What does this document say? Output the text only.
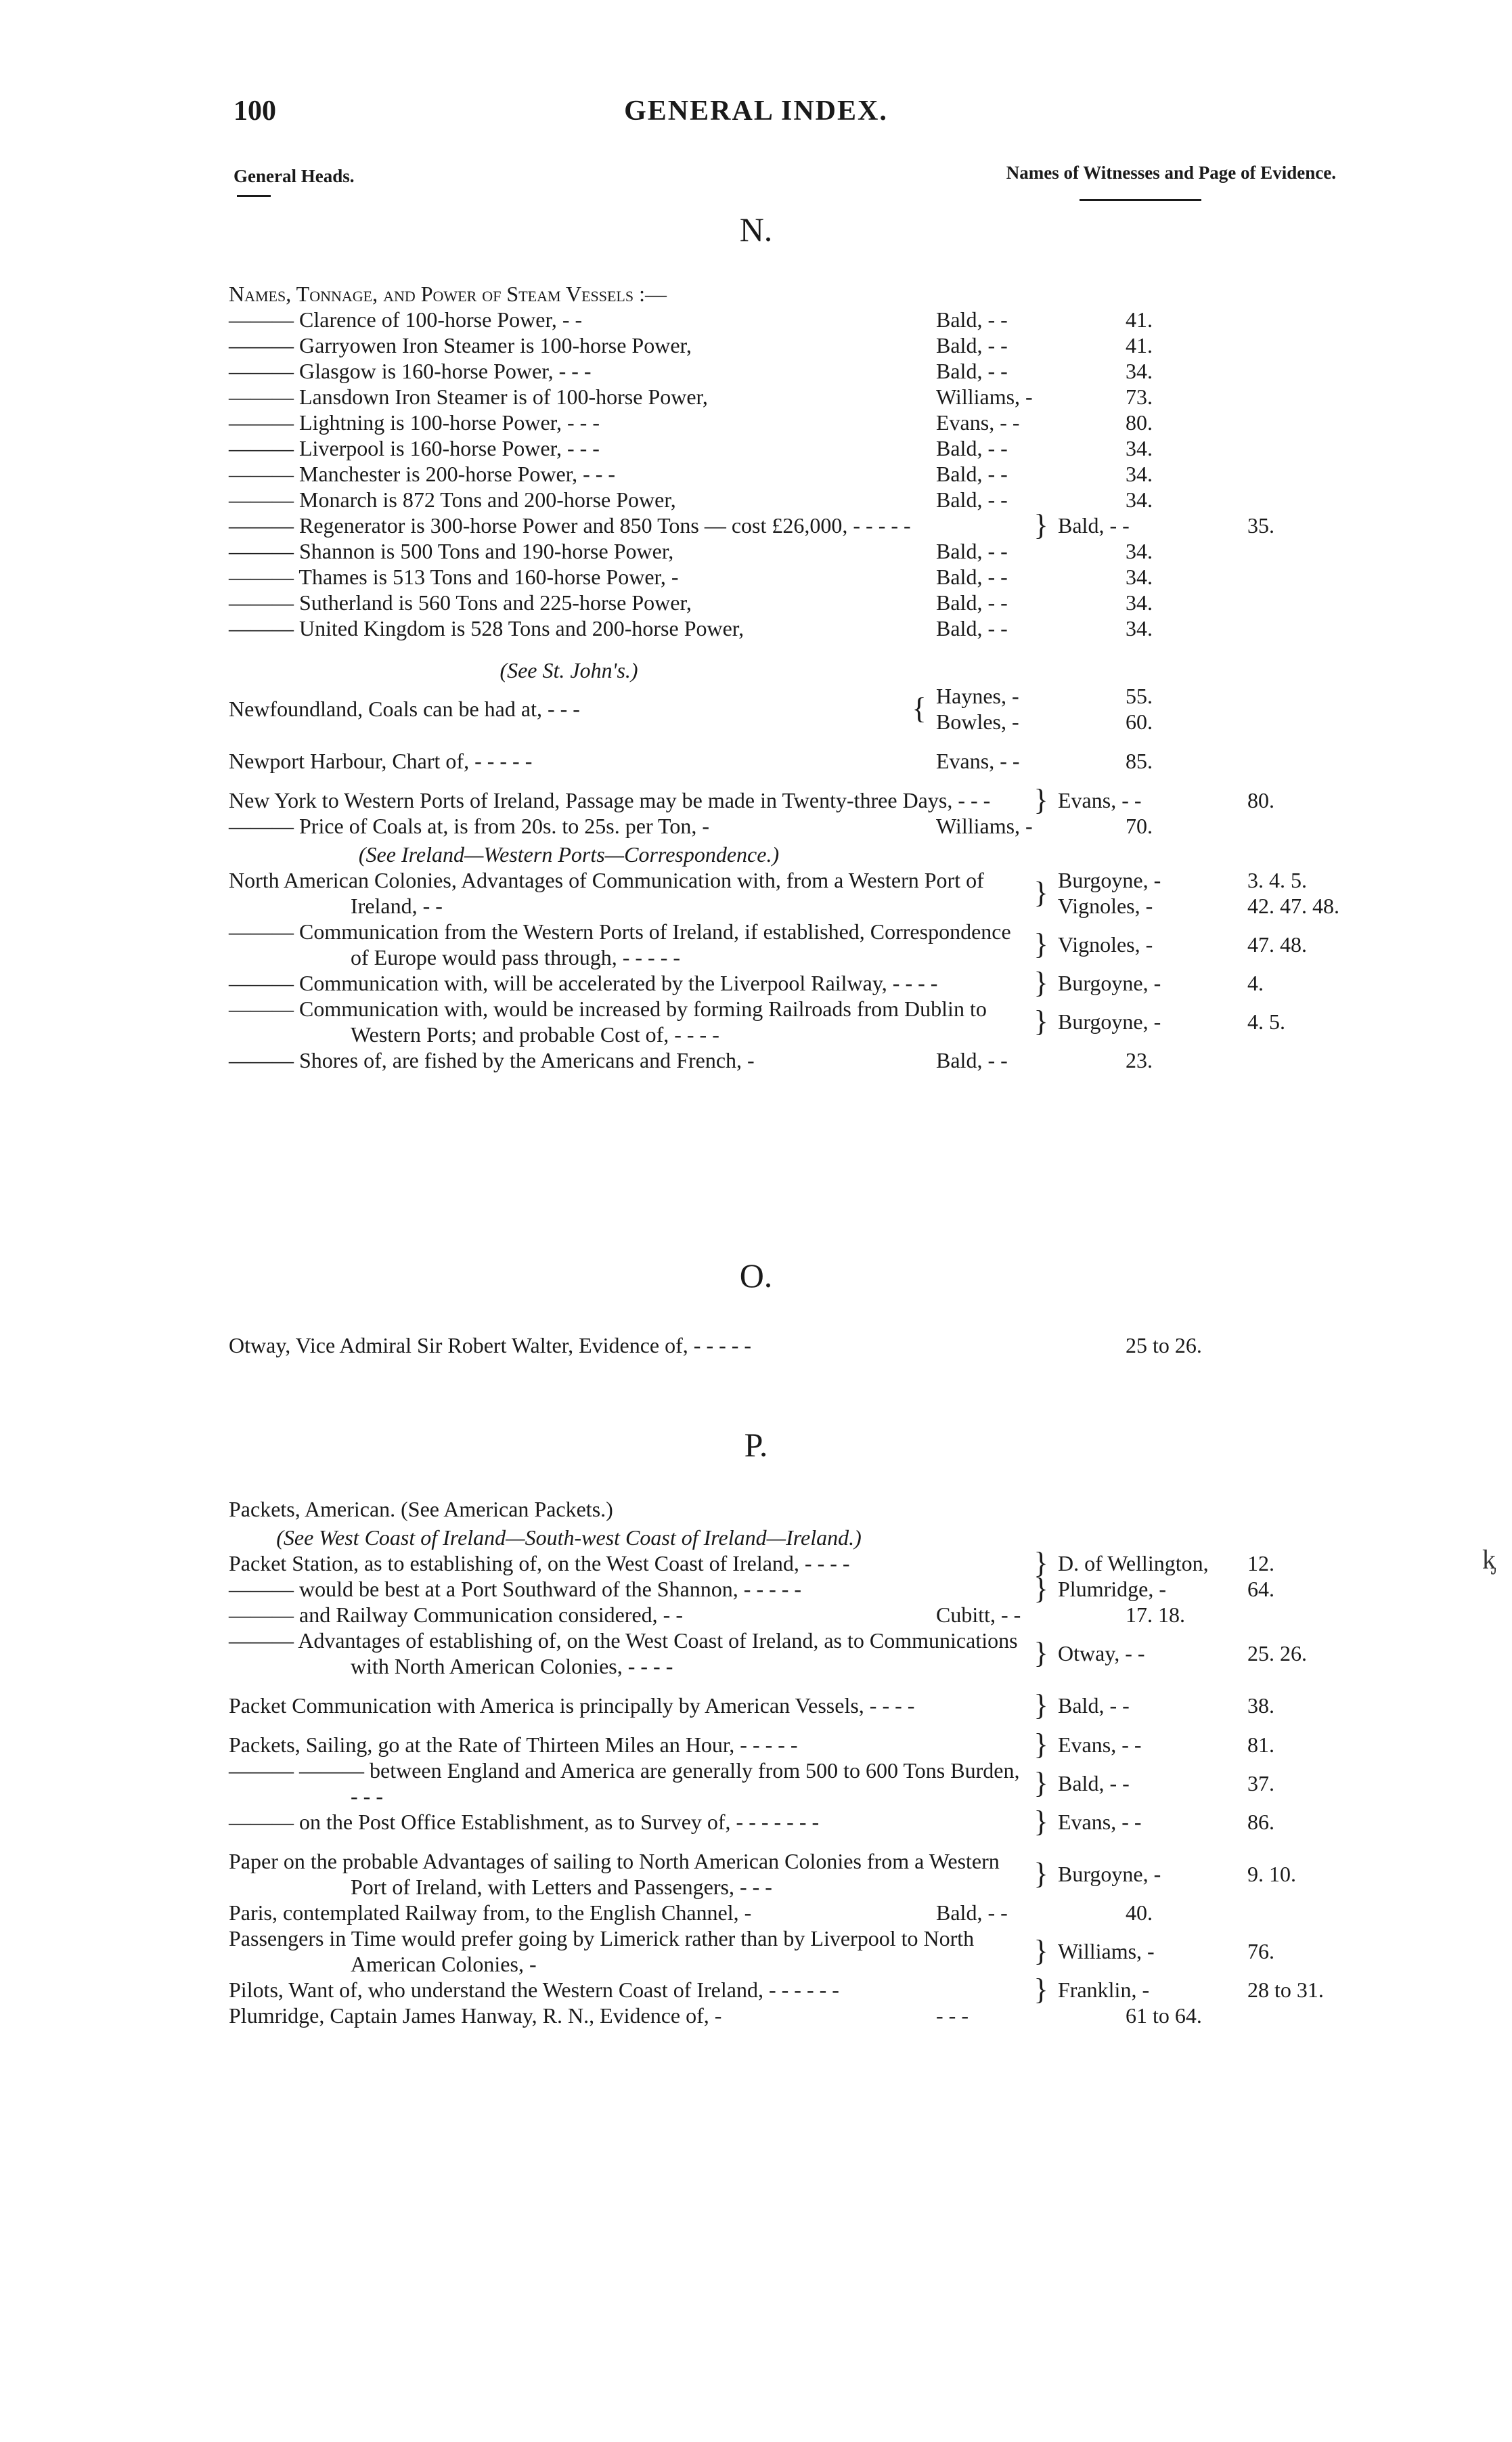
100	GENERAL INDEX.
General Heads.	Names of Witnesses and Page of Evidence.
N.
Names, Tonnage, and Power of Steam Vessels :—
——— Clarence of 100-horse Power, - -	Bald, - -	41.
——— Garryowen Iron Steamer is 100-horse Power,	Bald, - -	41.
——— Glasgow is 160-horse Power, - - -	Bald, - -	34.
——— Lansdown Iron Steamer is of 100-horse Power,	Williams, -	73.
——— Lightning is 100-horse Power, - - -	Evans, - -	80.
——— Liverpool is 160-horse Power, - - -	Bald, - -	34.
——— Manchester is 200-horse Power, - - -	Bald, - -	34.
——— Monarch is 872 Tons and 200-horse Power,	Bald, - -	34.
——— Regenerator is 300-horse Power and 850 Tons — cost £26,000, - - - - -	} Bald, - -	35.
——— Shannon is 500 Tons and 190-horse Power,	Bald, - -	34.
——— Thames is 513 Tons and 160-horse Power, -	Bald, - -	34.
——— Sutherland is 560 Tons and 225-horse Power,	Bald, - -	34.
——— United Kingdom is 528 Tons and 200-horse Power,	Bald, - -	34.
(See St. John's.)
Newfoundland, Coals can be had at, - - -	{ Haynes, -	55.
Bowles, -	60.
Newport Harbour, Chart of, - - - - -	Evans, - -	85.
New York to Western Ports of Ireland, Passage may be made in Twenty-three Days, - - -	} Evans, - -	80.
——— Price of Coals at, is from 20s. to 25s. per Ton, -	Williams, -	70.
(See Ireland—Western Ports—Correspondence.)
North American Colonies, Advantages of Communication with, from a Western Port of Ireland, - -	} Burgoyne, -	3. 4. 5.
Vignoles, -	42. 47. 48.
——— Communication from the Western Ports of Ireland, if established, Correspondence of Europe would pass through, - - - - -	} Vignoles, -	47. 48.
——— Communication with, will be accelerated by the Liverpool Railway, - - - -	} Burgoyne, -	4.
——— Communication with, would be increased by forming Railroads from Dublin to Western Ports; and probable Cost of, - - - -	} Burgoyne, -	4. 5.
——— Shores of, are fished by the Americans and French, -	Bald, - -	23.
O.
Otway, Vice Admiral Sir Robert Walter, Evidence of, - - - - -	25 to 26.
P.
Packets, American. (See American Packets.)
(See West Coast of Ireland—South-west Coast of Ireland—Ireland.)
Packet Station, as to establishing of, on the West Coast of Ireland, - - - -	} D. of Wellington,	12.
——— would be best at a Port Southward of the Shannon, - - - - -	} Plumridge, -	64.
——— and Railway Communication considered, - -	Cubitt, - -	17. 18.
——— Advantages of establishing of, on the West Coast of Ireland, as to Communications with North American Colonies, - - - -	} Otway, - -	25. 26.
Packet Communication with America is principally by American Vessels, - - - -	} Bald, - -	38.
Packets, Sailing, go at the Rate of Thirteen Miles an Hour, - - - - -	} Evans, - -	81.
——— ——— between England and America are generally from 500 to 600 Tons Burden, - - -	} Bald, - -	37.
——— on the Post Office Establishment, as to Survey of, - - - - - - -	} Evans, - -	86.
Paper on the probable Advantages of sailing to North American Colonies from a Western Port of Ireland, with Letters and Passengers, - - -	} Burgoyne, -	9. 10.
Paris, contemplated Railway from, to the English Channel, -	Bald, - -	40.
Passengers in Time would prefer going by Limerick rather than by Liverpool to North American Colonies, -	} Williams, -	76.
Pilots, Want of, who understand the Western Coast of Ireland, - - - - - -	} Franklin, -	28 to 31.
Plumridge, Captain James Hanway, R. N., Evidence of, -	- - -	61 to 64.
ᶄ
